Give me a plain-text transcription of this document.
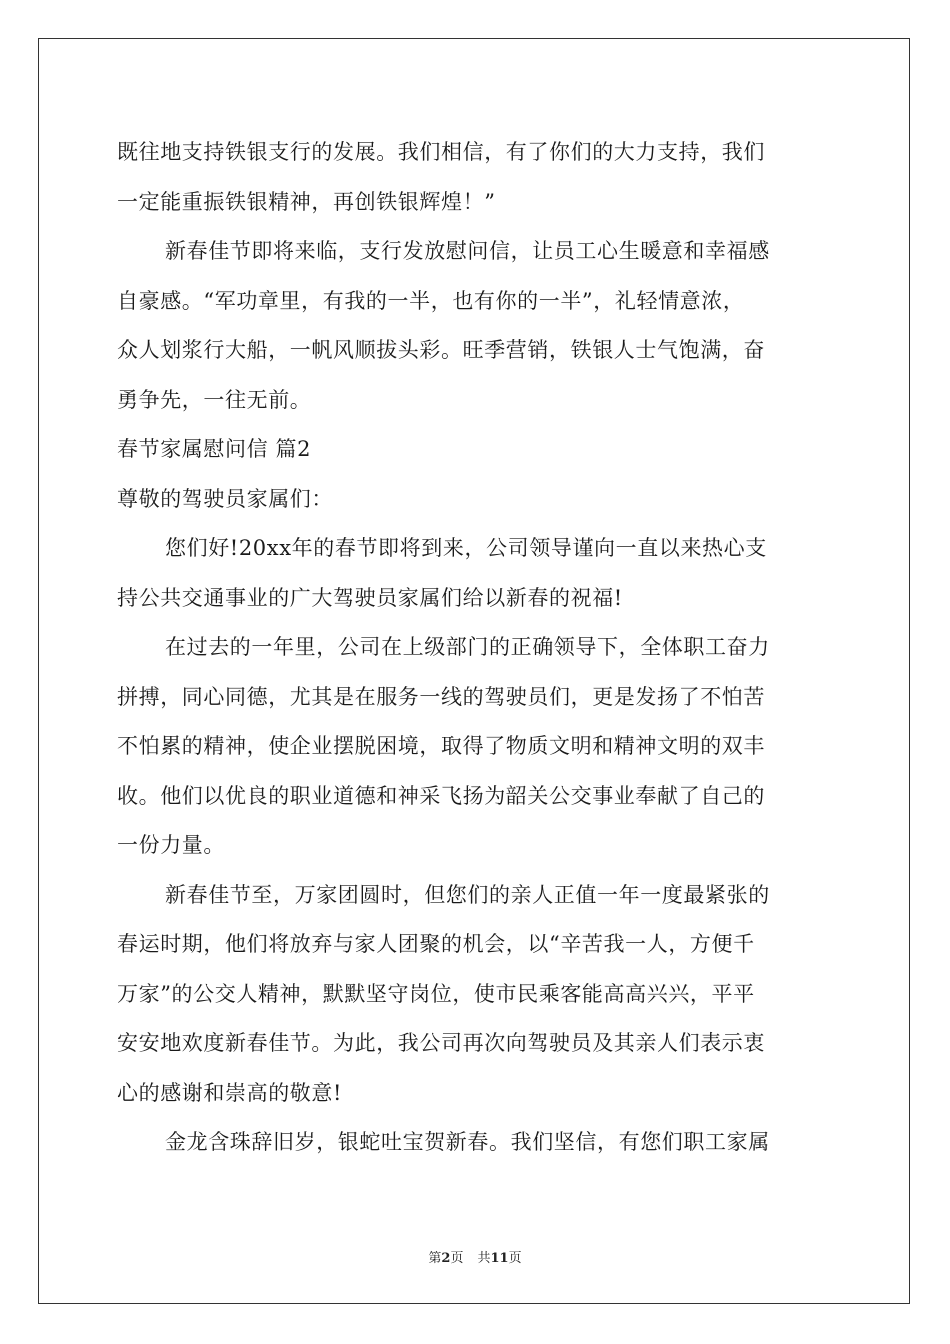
既往地支持铁银支行的发展。我们相信，有了你们的大力支持，我们
一定能重振铁银精神，再创铁银辉煌！”
新春佳节即将来临，支行发放慰问信，让员工心生暖意和幸福感
自豪感。“军功章里，有我的一半，也有你的一半”，礼轻情意浓，
众人划浆行大船，一帆风顺拔头彩。旺季营销，铁银人士气饱满，奋
勇争先，一往无前。
春节家属慰问信 篇2
尊敬的驾驶员家属们：
您们好!20xx年的春节即将到来，公司领导谨向一直以来热心支
持公共交通事业的广大驾驶员家属们给以新春的祝福!
在过去的一年里，公司在上级部门的正确领导下，全体职工奋力
拼搏，同心同德，尤其是在服务一线的驾驶员们，更是发扬了不怕苦
不怕累的精神，使企业摆脱困境，取得了物质文明和精神文明的双丰
收。他们以优良的职业道德和神采飞扬为韶关公交事业奉献了自己的
一份力量。
新春佳节至，万家团圆时，但您们的亲人正值一年一度最紧张的
春运时期，他们将放弃与家人团聚的机会，以“辛苦我一人，方便千
万家”的公交人精神，默默坚守岗位，使市民乘客能高高兴兴，平平
安安地欢度新春佳节。为此，我公司再次向驾驶员及其亲人们表示衷
心的感谢和崇高的敬意!
金龙含珠辞旧岁，银蛇吐宝贺新春。我们坚信，有您们职工家属
第2页 共11页
